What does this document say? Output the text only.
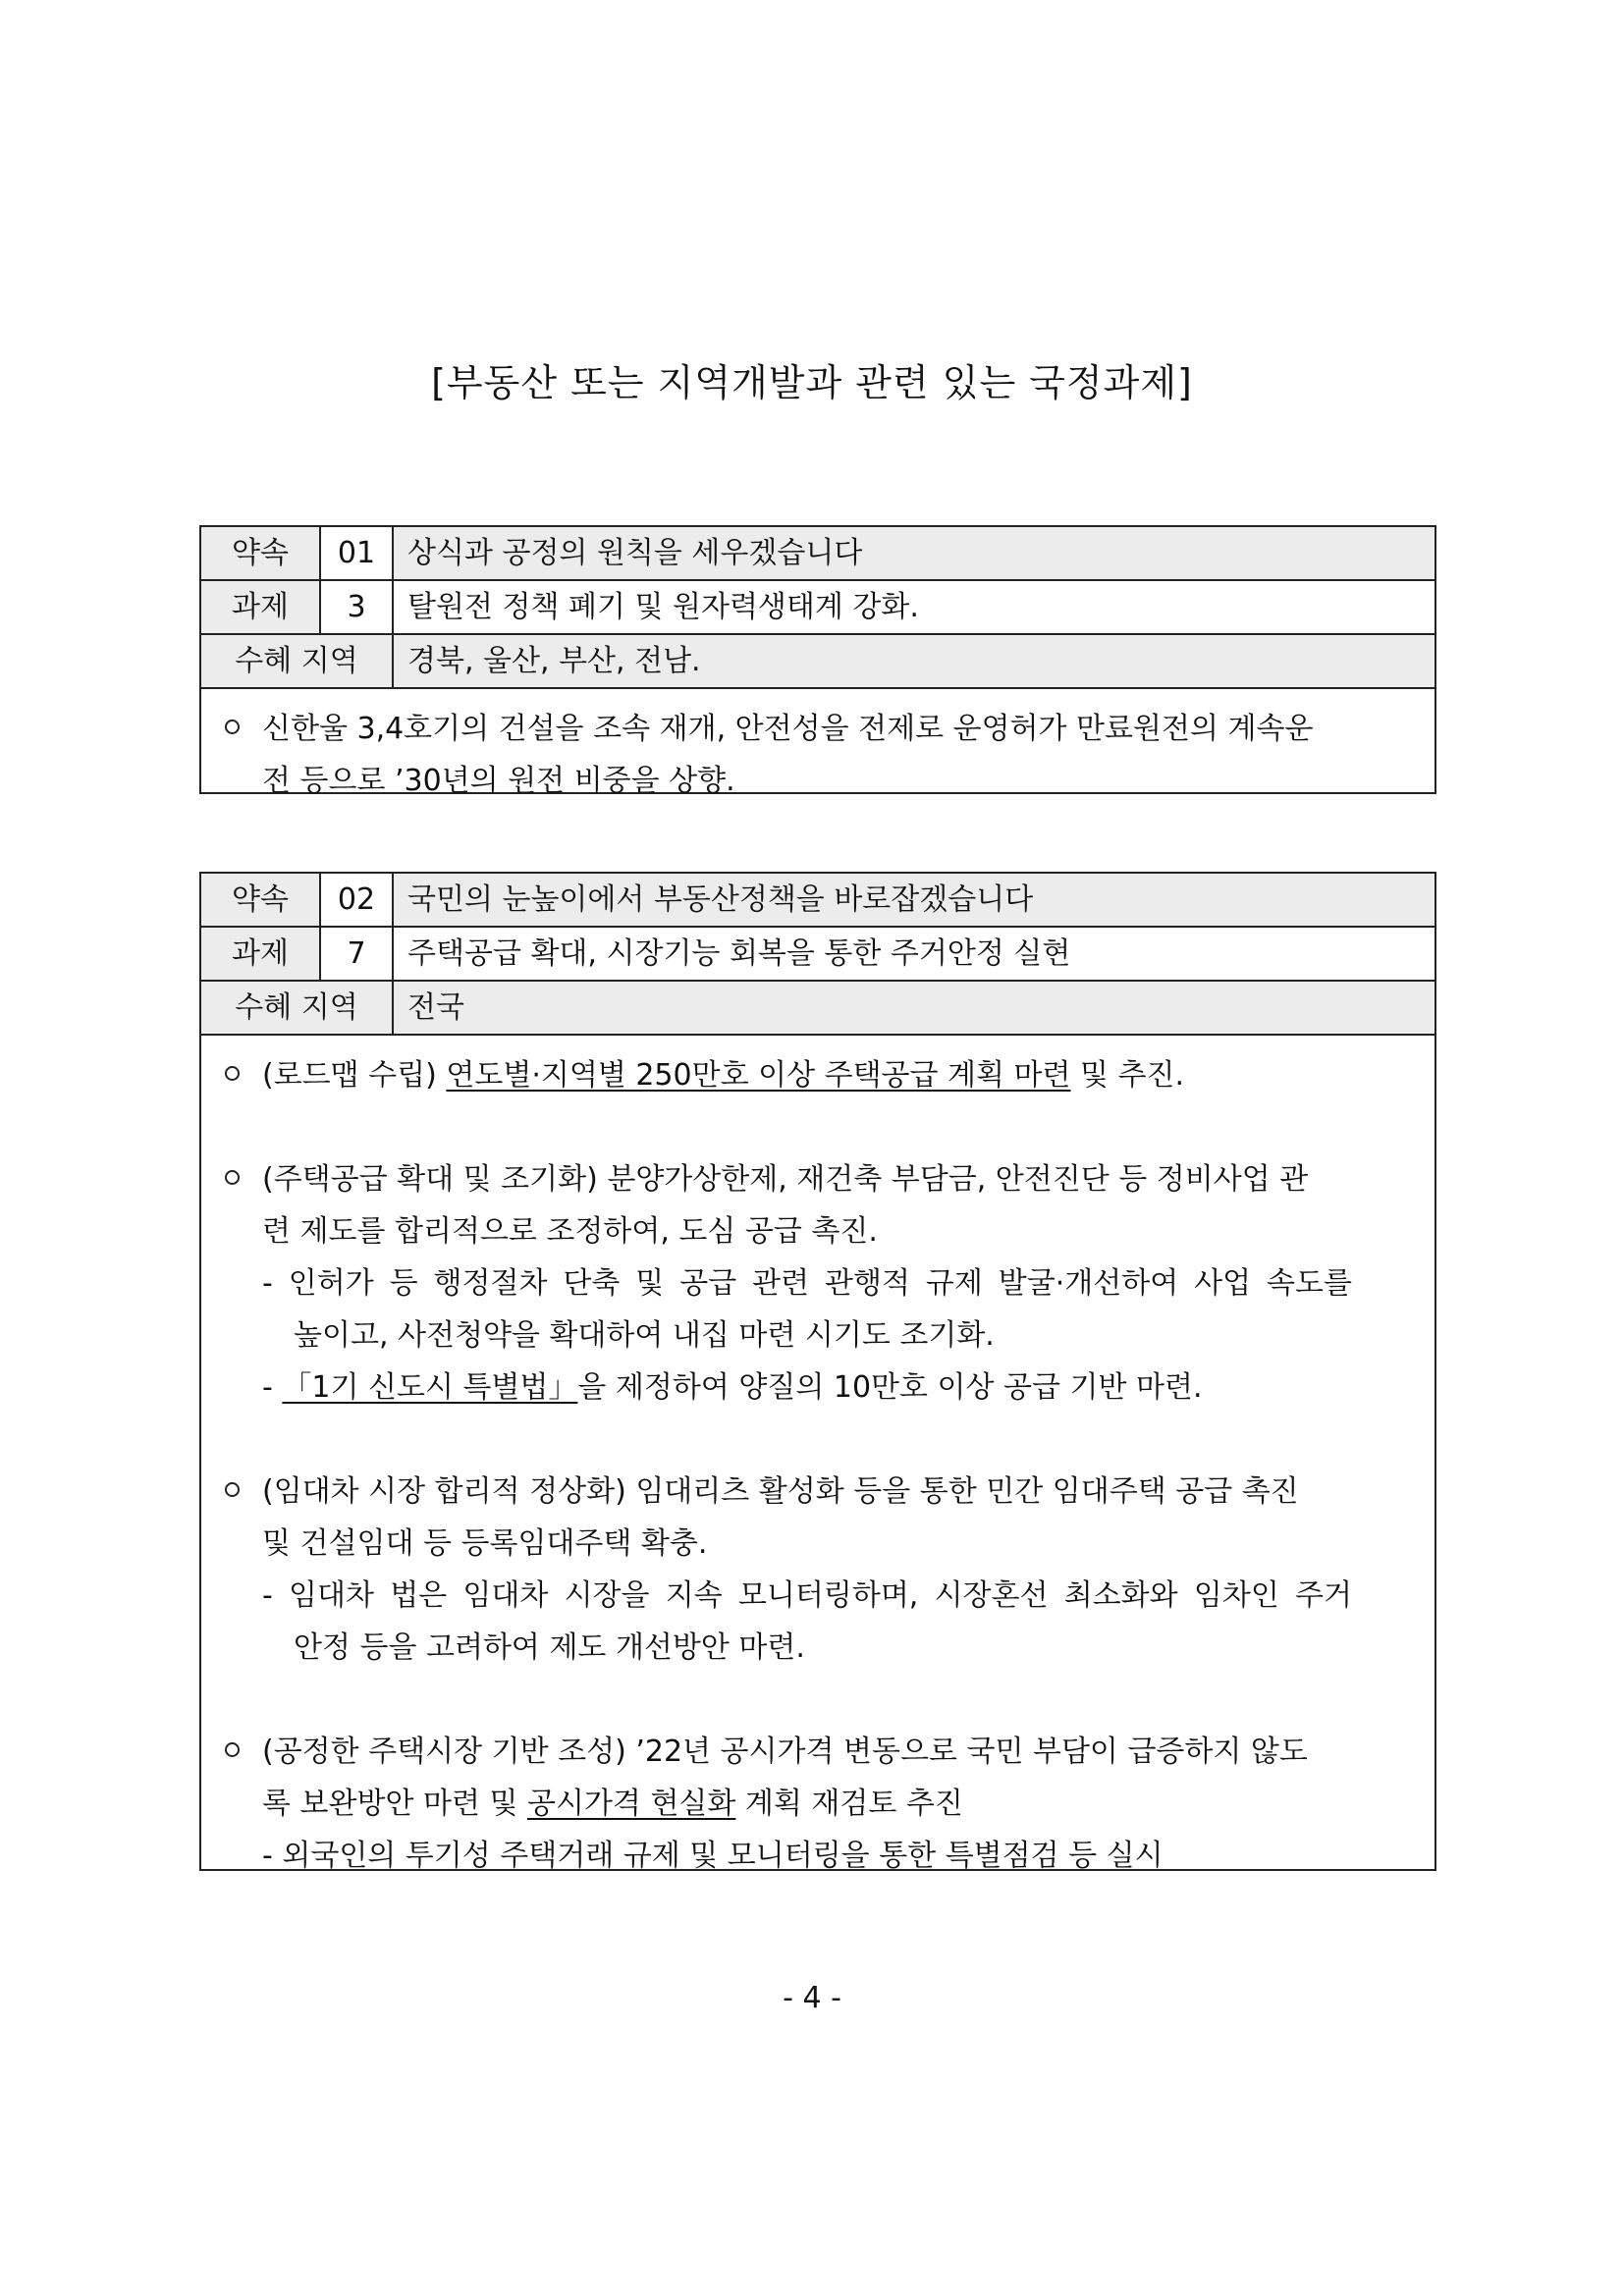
[부동산 또는 지역개발과 관련 있는 국정과제]
약속	01	상식과 공정의 원칙을 세우겠습니다
과제	3	탈원전 정책 폐기 및 원자력생태계 강화.
수혜 지역	경북, 울산, 부산, 전남.
신한울 3,4호기의 건설을 조속 재개, 안전성을 전제로 운영허가 만료원전의 계속운
전 등으로 ’30년의 원전 비중을 상향.
약속	02	국민의 눈높이에서 부동산정책을 바로잡겠습니다
과제	7	주택공급 확대, 시장기능 회복을 통한 주거안정 실현
수혜 지역	전국
(로드맵 수립) 연도별·지역별 250만호 이상 주택공급 계획 마련 및 추진.
(주택공급 확대 및 조기화) 분양가상한제, 재건축 부담금, 안전진단 등 정비사업 관
련 제도를 합리적으로 조정하여, 도심 공급 촉진.
- 인허가 등 행정절차 단축 및 공급 관련 관행적 규제 발굴·개선하여 사업 속도를
높이고, 사전청약을 확대하여 내집 마련 시기도 조기화.
- 「1기 신도시 특별법」을 제정하여 양질의 10만호 이상 공급 기반 마련.
(임대차 시장 합리적 정상화) 임대리츠 활성화 등을 통한 민간 임대주택 공급 촉진
및 건설임대 등 등록임대주택 확충.
- 임대차 법은 임대차 시장을 지속 모니터링하며, 시장혼선 최소화와 임차인 주거
안정 등을 고려하여 제도 개선방안 마련.
(공정한 주택시장 기반 조성) ’22년 공시가격 변동으로 국민 부담이 급증하지 않도
록 보완방안 마련 및 공시가격 현실화 계획 재검토 추진
- 외국인의 투기성 주택거래 규제 및 모니터링을 통한 특별점검 등 실시
- 4 -
